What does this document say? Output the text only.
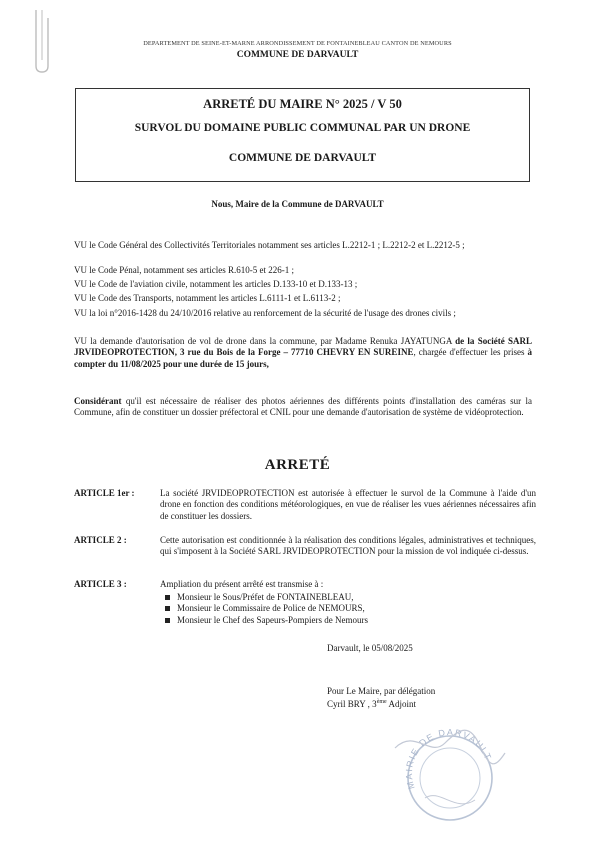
DEPARTEMENT DE SEINE-ET-MARNE ARRONDISSEMENT DE FONTAINEBLEAU CANTON DE NEMOURS
COMMUNE DE DARVAULT
ARRETÉ DU MAIRE N° 2025 / V 50
SURVOL DU DOMAINE PUBLIC COMMUNAL PAR UN DRONE
COMMUNE DE DARVAULT
Nous, Maire de la Commune de DARVAULT
VU le Code Général des Collectivités Territoriales notamment ses articles L.2212-1 ; L.2212-2 et L.2212-5 ;
VU le Code Pénal, notamment ses articles R.610-5 et 226-1 ;
VU le Code de l'aviation civile, notamment les articles D.133-10 et D.133-13 ;
VU le Code des Transports, notamment les articles L.6111-1 et L.6113-2 ;
VU la loi n°2016-1428 du 24/10/2016 relative au renforcement de la sécurité de l'usage des drones civils ;
VU la demande d'autorisation de vol de drone dans la commune, par Madame Renuka JAYATUNGA de la Société SARL JRVIDEOPROTECTION, 3 rue du Bois de la Forge – 77710 CHEVRY EN SUREINE, chargée d'effectuer les prises à compter du 11/08/2025 pour une durée de 15 jours,
Considérant qu'il est nécessaire de réaliser des photos aériennes des différents points d'installation des caméras sur la Commune, afin de constituer un dossier préfectoral et CNIL pour une demande d'autorisation de système de vidéoprotection.
ARRETÉ
ARTICLE 1er :	La société JRVIDEOPROTECTION est autorisée à effectuer le survol de la Commune à l'aide d'un drone en fonction des conditions météorologiques, en vue de réaliser les vues aériennes nécessaires afin de constituer les dossiers.
ARTICLE 2 :	Cette autorisation est conditionnée à la réalisation des conditions légales, administratives et techniques, qui s'imposent à la Société SARL JRVIDEOPROTECTION pour la mission de vol indiquée ci-dessus.
ARTICLE 3 :	Ampliation du présent arrêté est transmise à :
Monsieur le Sous/Préfet de FONTAINEBLEAU,
Monsieur le Commissaire de Police de NEMOURS,
Monsieur le Chef des Sapeurs-Pompiers de Nemours
Darvault, le 05/08/2025
Pour Le Maire, par délégation
Cyril BRY , 3ème Adjoint
MAIRIE DE DARVAULT
